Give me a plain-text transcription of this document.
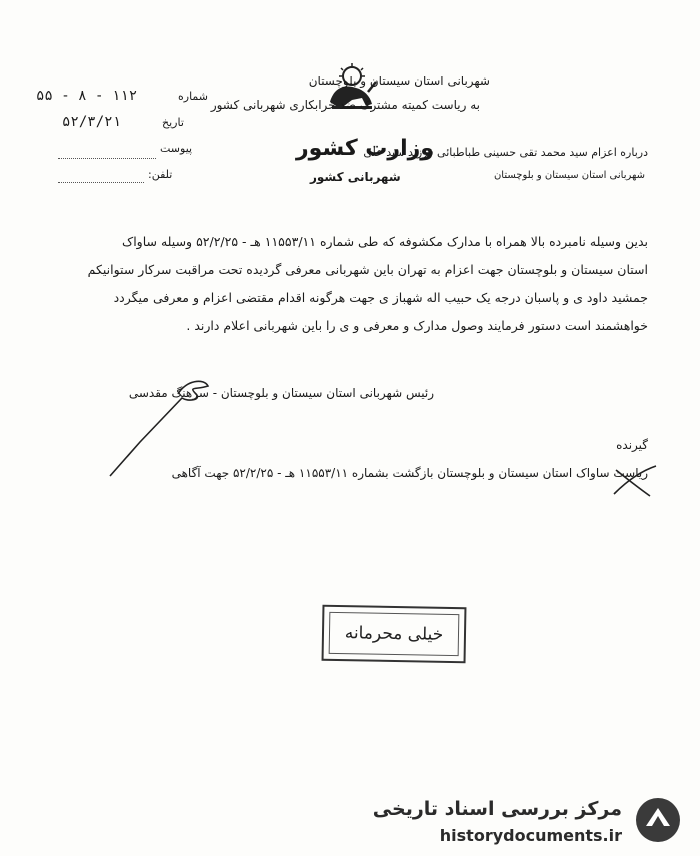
شهربانی استان سیستان و بلوچستان
به ریاست کمیته مشترک ضد خرابکاری شهربانی کشور
درباره اعزام سید محمد تقی حسینی طباطبائی فرزند سید علی
شهربانی استان سیستان و بلوچستان
وزارت کشور
شهربانی کشور
شماره
۵۵ - ۸ - ۱۱۲
تاریخ
۵۲/۳/۲۱
پیوست
تلفن:
بدین وسیله نامبرده بالا همراه با مدارک مکشوفه که طی شماره ۱۱۵۵۳/۱۱ هـ - ۵۲/۲/۲۵ وسیله ساواک
استان سیستان و بلوچستان جهت اعزام به تهران باین شهربانی معرفی گردیده تحت مراقبت سرکار ستوانیکم
جمشید داود ی و پاسبان درجه یک حبیب اله شهباز ی جهت هرگونه اقدام مقتضی اعزام و معرفی میگردد
خواهشمند است دستور فرمایند وصول مدارک و معرفی و ی را باین شهربانی اعلام دارند .
رئیس شهربانی استان سیستان و بلوچستان - سرهنگ مقدسی
گیرنده
ریاست ساواک استان سیستان و بلوچستان بازگشت بشماره ۱۱۵۵۳/۱۱ هـ - ۵۲/۲/۲۵ جهت آگاهی
خیلی محرمانه
مرکز بررسی اسناد تاریخی
historydocuments.ir
